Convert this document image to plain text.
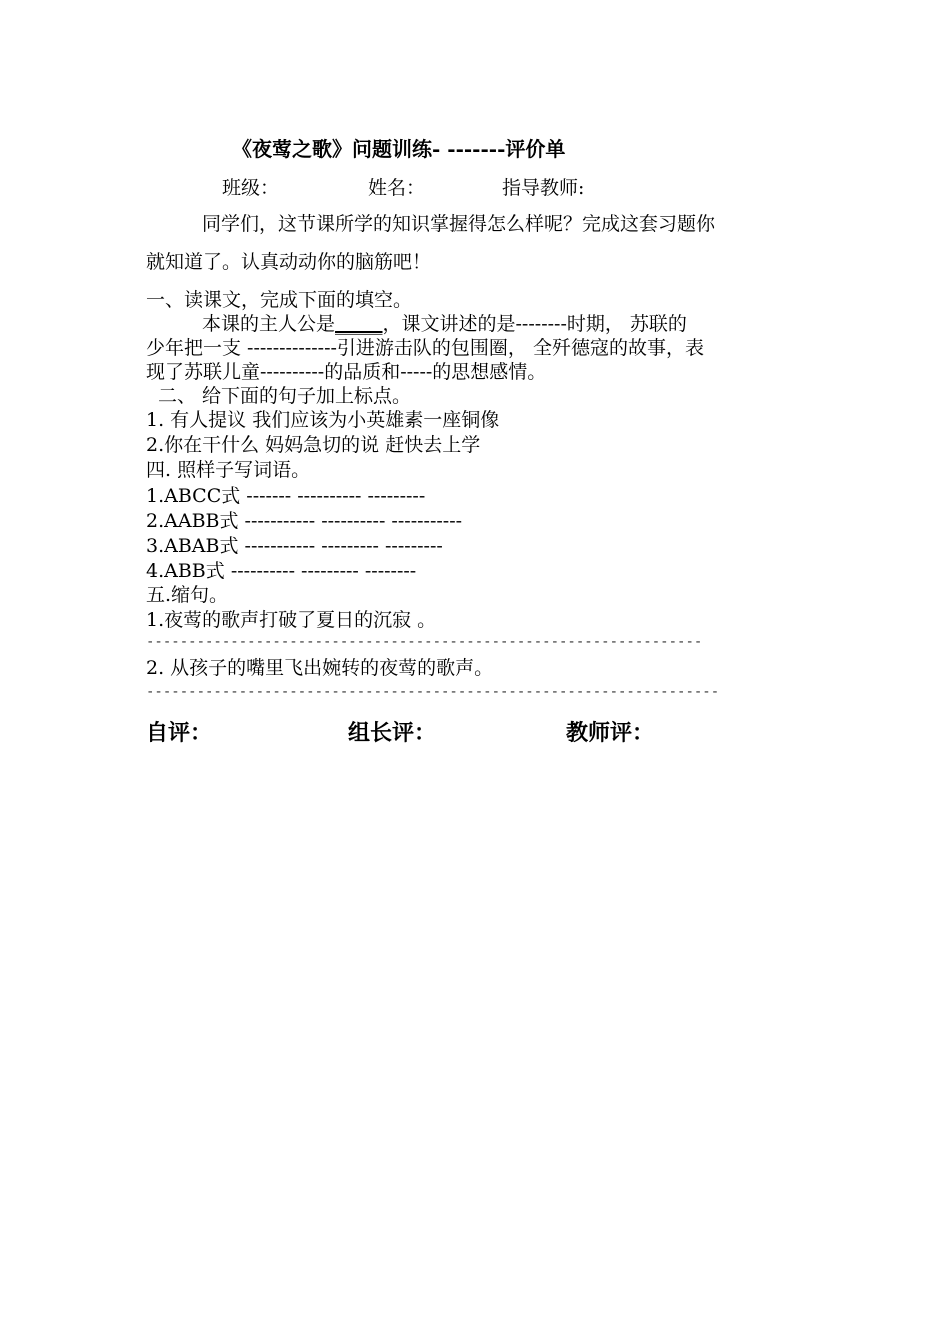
《夜莺之歌》问题训练- -------评价单
班级：	姓名：	指导教师:
同学们，这节课所学的知识掌握得怎么样呢？完成这套习题你
就知道了。认真动动你的脑筋吧！
一、读课文，完成下面的填空。
本课的主人公是_____，课文讲述的是--------时期， 苏联的
少年把一支 --------------引进游击队的包围圈， 全歼德寇的故事，表
现了苏联儿童----------的品质和-----的思想感情。
二、 给下面的句子加上标点。
1. 有人提议 我们应该为小英雄素一座铜像
2.你在干什么 妈妈急切的说 赶快去上学
四. 照样子写词语。
1.ABCC式 ------- ---------- ---------
2.AABB式 ----------- ---------- -----------
3.ABAB式 ----------- --------- ---------
4.ABB式 ---------- --------- --------
五.缩句。
1.夜莺的歌声打破了夏日的沉寂 。
------------------------------------------------------------------
2. 从孩子的嘴里飞出婉转的夜莺的歌声。
--------------------------------------------------------------------
自评：	组长评：	教师评：
